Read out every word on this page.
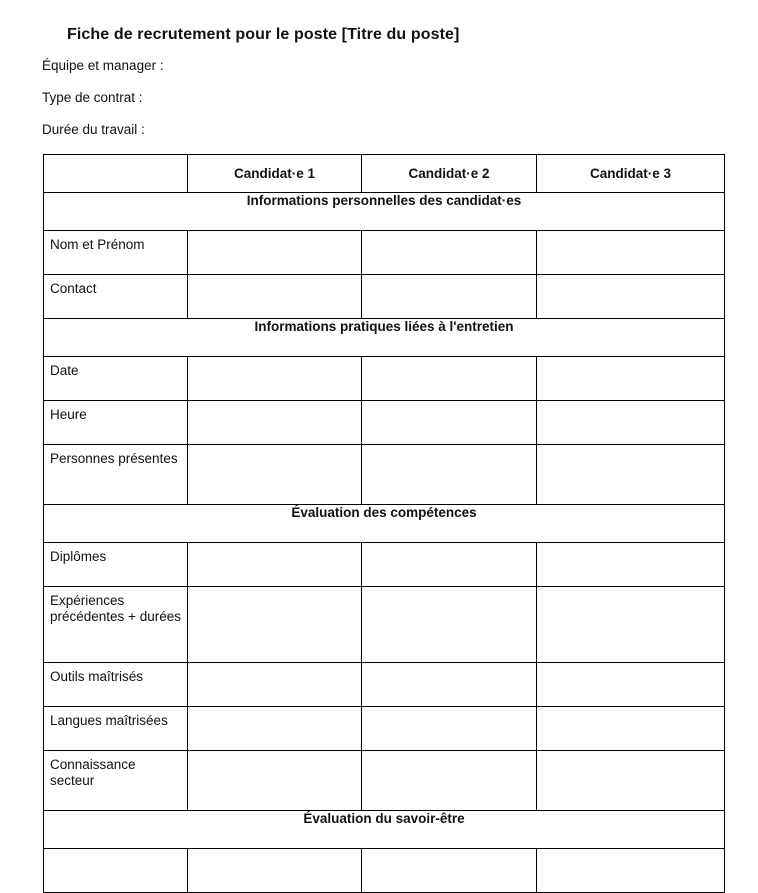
Fiche de recrutement pour le poste [Titre du poste]
Équipe et manager :
Type de contrat :
Durée du travail :
	Candidat·e 1	Candidat·e 2	Candidat·e 3
Informations personnelles des candidat·es			
Nom et Prénom			
Contact			
Informations pratiques liées à l'entretien			
Date			
Heure			
Personnes présentes			
Évaluation des compétences			
Diplômes			
Expériences précédentes + durées			
Outils maîtrisés			
Langues maîtrisées			
Connaissance secteur			
Évaluation du savoir-être			
